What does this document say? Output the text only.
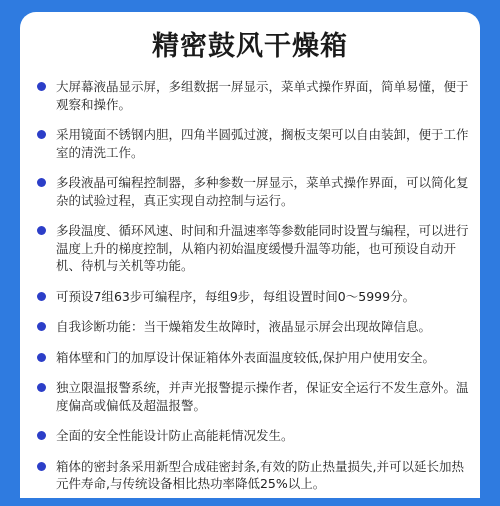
精密鼓风干燥箱
大屏幕液晶显示屏，多组数据一屏显示，菜单式操作界面，简单易懂，便于观察和操作。
采用镜面不锈钢内胆，四角半圆弧过渡，搁板支架可以自由装卸，便于工作室的清洗工作。
多段液晶可编程控制器，多种参数一屏显示，菜单式操作界面，可以简化复杂的试验过程，真正实现自动控制与运行。
多段温度、循环风速、时间和升温速率等参数能同时设置与编程，可以进行温度上升的梯度控制，从箱内初始温度缓慢升温等功能，也可预设自动开机、待机与关机等功能。
可预设7组63步可编程序，每组9步，每组设置时间0～5999分。
自我诊断功能：当干燥箱发生故障时，液晶显示屏会出现故障信息。
箱体壁和门的加厚设计保证箱体外表面温度较低,保护用户使用安全。
独立限温报警系统，并声光报警提示操作者，保证安全运行不发生意外。温度偏高或偏低及超温报警。
全面的安全性能设计防止高能耗情况发生。
箱体的密封条采用新型合成硅密封条,有效的防止热量损失,并可以延长加热元件寿命,与传统设备相比热功率降低25%以上。
